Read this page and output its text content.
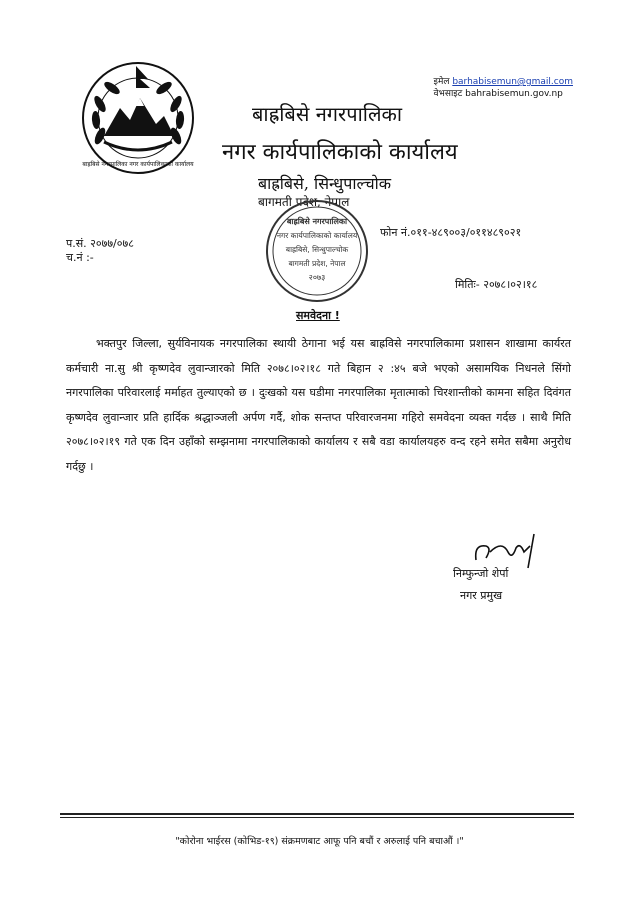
बाह्रबिसे नगरपालिका नगर कार्यपालिकाको कार्यालय
इमेल barhabisemun@gmail.com
वेभसाइट bahrabisemun.gov.np
बाह्रबिसे नगरपालिका
नगर कार्यपालिकाको कार्यालय
बाह्रबिसे, सिन्धुपाल्चोक
बागमती प्रदेश, नेपाल
बाह्रबिसे नगरपालिका
नगर कार्यपालिकाको कार्यालय
बाह्रबिसे, सिन्धुपाल्चोक
बागमती प्रदेश, नेपाल
२०७३
फोन नं.०११-४८९००३/०११४८९०२१
प.सं. २०७७/०७८
च.नं :-
मितिः- २०७८।०२।१८
समवेदना !
भक्तपुर जिल्ला, सुर्यविनायक नगरपालिका स्थायी ठेगाना भई यस बाह्रविसे नगरपालिकामा प्रशासन शाखामा कार्यरत कर्मचारी ना.सु श्री कृष्णदेव लुवान्जारको मिति २०७८।०२।१८ गते बिहान २ :४५ बजे भएको असामयिक निधनले सिंगो नगरपालिका परिवारलाई मर्माहत तुल्याएको छ । दुःखको यस घडीमा नगरपालिका मृतात्माको चिरशान्तीको कामना सहित दिवंगत कृष्णदेव लुवान्जार प्रति हार्दिक श्रद्धाञ्जली अर्पण गर्दै, शोक सन्तप्त परिवारजनमा गहिरो समवेदना व्यक्त गर्दछ । साथै मिति २०७८।०२।१९ गते एक दिन उहाँको सम्झनामा नगरपालिकाको कार्यालय र सबै वडा कार्यालयहरु वन्द रहने समेत सबैमा अनुरोध गर्दछु ।
निम्फुन्जो शेर्पा
नगर प्रमुख
"कोरोना भाईरस (कोभिड-१९) संक्रमणबाट आफू पनि बचौं र अरुलाई पनि बचाऔं ।"
